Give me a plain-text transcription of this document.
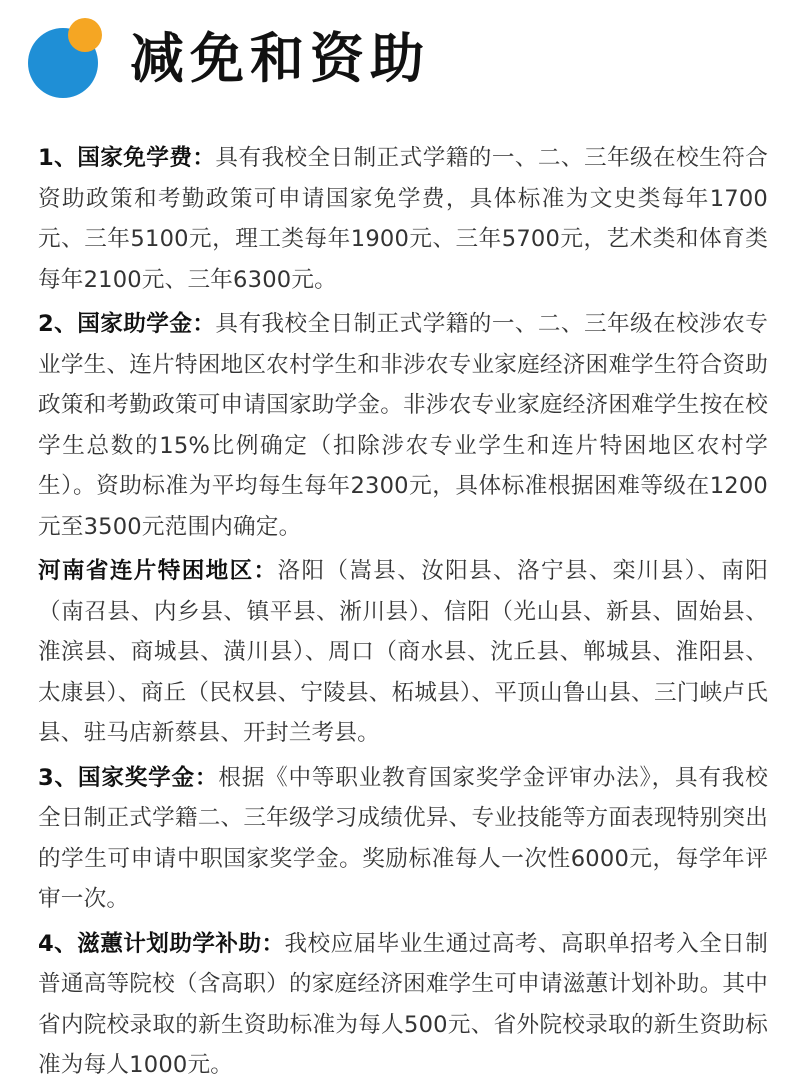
减免和资助

1、国家免学费：具有我校全日制正式学籍的一、二、三年级在校生符合资助政策和考勤政策可申请国家免学费，具体标准为文史类每年1700元、三年5100元，理工类每年1900元、三年5700元，艺术类和体育类每年2100元、三年6300元。

2、国家助学金：具有我校全日制正式学籍的一、二、三年级在校涉农专业学生、连片特困地区农村学生和非涉农专业家庭经济困难学生符合资助政策和考勤政策可申请国家助学金。非涉农专业家庭经济困难学生按在校学生总数的15%比例确定（扣除涉农专业学生和连片特困地区农村学生）。资助标准为平均每生每年2300元，具体标准根据困难等级在1200元至3500元范围内确定。

河南省连片特困地区：洛阳（嵩县、汝阳县、洛宁县、栾川县）、南阳（南召县、内乡县、镇平县、淅川县）、信阳（光山县、新县、固始县、淮滨县、商城县、潢川县）、周口（商水县、沈丘县、郸城县、淮阳县、太康县）、商丘（民权县、宁陵县、柘城县）、平顶山鲁山县、三门峡卢氏县、驻马店新蔡县、开封兰考县。

3、国家奖学金：根据《中等职业教育国家奖学金评审办法》，具有我校全日制正式学籍二、三年级学习成绩优异、专业技能等方面表现特别突出的学生可申请中职国家奖学金。奖励标准每人一次性6000元，每学年评审一次。

4、滋蕙计划助学补助：我校应届毕业生通过高考、高职单招考入全日制普通高等院校（含高职）的家庭经济困难学生可申请滋蕙计划补助。其中省内院校录取的新生资助标准为每人500元、省外院校录取的新生资助标准为每人1000元。
